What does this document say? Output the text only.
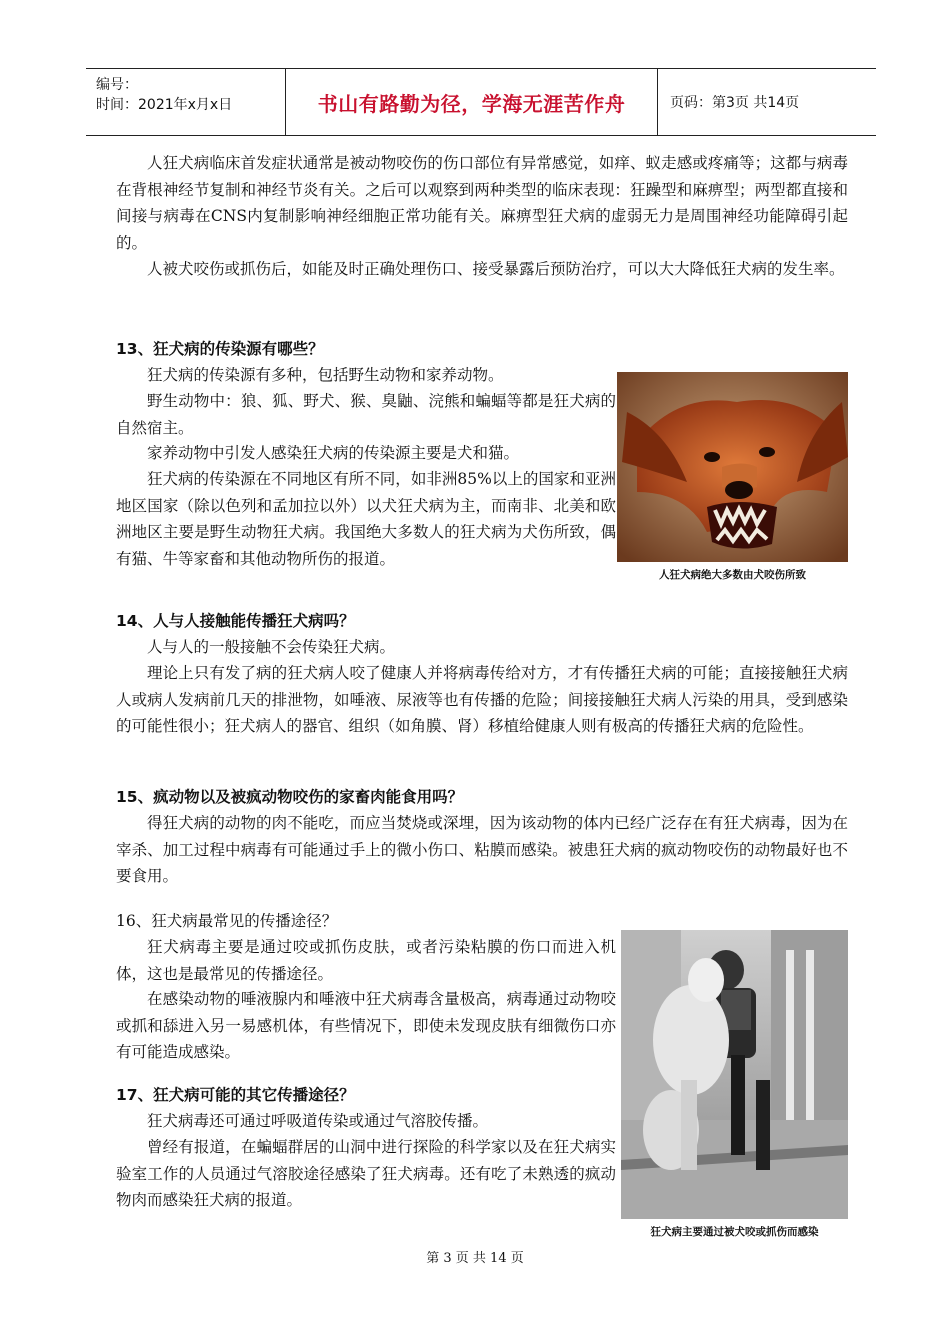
编号：
时间：2021年x月x日	书山有路勤为径，学海无涯苦作舟	页码：第3页 共14页

人狂犬病临床首发症状通常是被动物咬伤的伤口部位有异常感觉，如痒、蚁走感或疼痛等；这都与病毒在背根神经节复制和神经节炎有关。之后可以观察到两种类型的临床表现：狂躁型和麻痹型；两型都直接和间接与病毒在CNS内复制影响神经细胞正常功能有关。麻痹型狂犬病的虚弱无力是周围神经功能障碍引起的。

人被犬咬伤或抓伤后，如能及时正确处理伤口、接受暴露后预防治疗，可以大大降低狂犬病的发生率。

13、狂犬病的传染源有哪些？

狂犬病的传染源有多种，包括野生动物和家养动物。

野生动物中：狼、狐、野犬、猴、臭鼬、浣熊和蝙蝠等都是狂犬病的自然宿主。

家养动物中引发人感染狂犬病的传染源主要是犬和猫。

狂犬病的传染源在不同地区有所不同，如非洲85%以上的国家和亚洲地区国家（除以色列和孟加拉以外）以犬狂犬病为主，而南非、北美和欧洲地区主要是野生动物狂犬病。我国绝大多数人的狂犬病为犬伤所致，偶有猫、牛等家畜和其他动物所伤的报道。

人狂犬病绝大多数由犬咬伤所致
14、人与人接触能传播狂犬病吗？

人与人的一般接触不会传染狂犬病。

理论上只有发了病的狂犬病人咬了健康人并将病毒传给对方，才有传播狂犬病的可能；直接接触狂犬病人或病人发病前几天的排泄物，如唾液、尿液等也有传播的危险；间接接触狂犬病人污染的用具，受到感染的可能性很小；狂犬病人的器官、组织（如角膜、肾）移植给健康人则有极高的传播狂犬病的危险性。

15、疯动物以及被疯动物咬伤的家畜肉能食用吗？

得狂犬病的动物的肉不能吃，而应当焚烧或深埋，因为该动物的体内已经广泛存在有狂犬病毒，因为在宰杀、加工过程中病毒有可能通过手上的微小伤口、粘膜而感染。被患狂犬病的疯动物咬伤的动物最好也不要食用。

16、狂犬病最常见的传播途径？

狂犬病毒主要是通过咬或抓伤皮肤，或者污染粘膜的伤口而进入机体，这也是最常见的传播途径。

在感染动物的唾液腺内和唾液中狂犬病毒含量极高，病毒通过动物咬或抓和舔进入另一易感机体，有些情况下，即使未发现皮肤有细微伤口亦有可能造成感染。

17、狂犬病可能的其它传播途径？

狂犬病毒还可通过呼吸道传染或通过气溶胶传播。

曾经有报道，在蝙蝠群居的山洞中进行探险的科学家以及在狂犬病实验室工作的人员通过气溶胶途径感染了狂犬病毒。还有吃了未熟透的疯动物肉而感染狂犬病的报道。

狂犬病主要通过被犬咬或抓伤而感染
第 3 页 共 14 页
